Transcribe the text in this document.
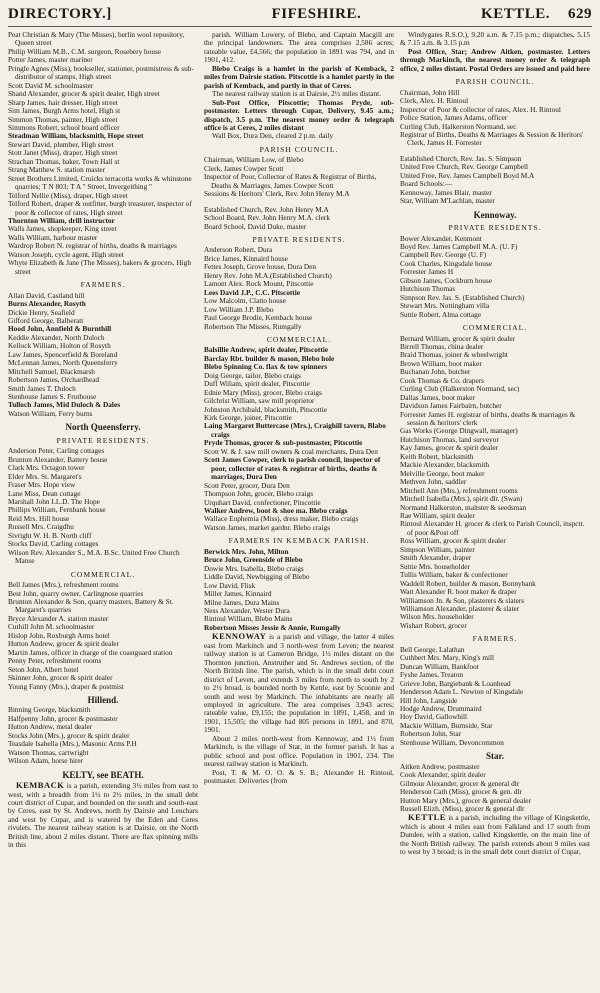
DIRECTORY.]	FIFESHIRE.	KETTLE. 629

Peat Christian & Mary (The Misses), berlin wool repository, Queen street

Philip William M.B., C.M. surgeon, Rosebery house

Potter James, master mariner

Pringle Agnes (Miss), bookseller, stationer, postmistress & sub-distributor of stamps, High street

Scott David M. schoolmaster

Shand Alexander, grocer & spirit dealer, High street

Sharp James, hair dresser, High street

Sim James, Burgh Arms hotel, High st

Simmon Thomas, painter, High street

Simmons Robert, school board officer

Steadman William, blacksmith, Hope street

Stewart David, plumber, High street

Stott Janet (Miss), draper, High street

Strachan Thomas, baker, Town Hall st

Strang Matthew S. station master

Street Brothers Limited, Cruicks terracotta works & whinstone quarries; T N 803; T A " Street, Invergeithing "

Telford Nellie (Miss), draper, High street

Telford Robert, draper & outfitter, burgh treasurer, inspector of poor & collector of rates, High street

Thornton William, drill instructor

Walls James, shopkeeper, King street

Walls William, harbour master

Wardrop Robert N. registrar of births, deaths & marriages

Watson Joseph, cycle agent, High street

Whyte Elizabeth & Jane (The Misses), bakers & grocers, High street

FARMERS.

Allan David, Castland hill

Burns Alexander, Rosyth

Dickie Henry, Seafield

Gifford George, Balberatt

Hood John, Annfield & Burnthill

Keddie Alexander, North Duloch

Kellock William, Holton of Rosyth

Law James, Spencerfield & Boreland

McLennan James, North Queensferry

Mitchell Samuel, Blackmarsh

Robertson James, Orchardhead

Smith James T. Duloch

Stenhouse James S. Fruthouse

Tulloch James, Mid Duloch & Dales

Watson William, Ferry burns

North Queensferry.
PRIVATE RESIDENTS.

Anderson Peter, Carling cottages

Brunton Alexander, Battery house

Clark Mrs. Octagon tower

Elder Mrs. St. Margaret's

Fraser Mrs. Hope view

Lane Miss, Dean cottage

Marshall John LL.D. The Hope

Phillips William, Fernbank house

Reid Mrs. Hill house

Russell Mrs. Craigdhu

Sivright W. H. B. North cliff

Stocks David, Carling cottages

Wilson Rev. Alexander S., M.A. B.Sc. United Free Church Manse

COMMERCIAL.

Bell James (Mrs.), refreshment rooms

Best John, quarry owner, Carlingnose quarries

Brunton Alexander & Son, quarry masters, Battery & St. Margaret's quarries

Bryce Alexander A. station master

Cuthill John M. schoolmaster

Hislop John, Roxburgh Arms hotel

Hutton Andrew, grocer & spirit dealer

Martin James, officer in charge of the coastguard station

Penny Peter, refreshment rooms

Seton John, Albert hotel

Skinner John, grocer & spirit dealer

Young Fanny (Mrs.), draper & postmist

Hillend.

Binning George, blacksmith

Halfpenny John, grocer & postmaster

Hutton Andrew, metal dealer

Stocks John (Mrs.), grocer & spirit dealer

Teasdale Isabella (Mrs.), Masonic Arms P.H

Watson Thomas, cartwright

Wilson Adam, horse hirer

KELTY, see BEATH.

KEMBACK is a parish, extending 3½ miles from east to west, with a breadth from 1½ to 2½ miles, in the small debt court district of Cupar, and bounded on the south and south-east by Ceres, east by St. Andrews, north by Dairsie and Leuchars and west by Cupar, and is watered by the Eden and Ceres rivulets. The nearest railway station is at Dairsie, on the North British line, about 2 miles distant. There are flax spinning mills in this

parish. William Lowery, of Blebo, and Captain Macgill are the principal landowners. The area comprises 2,586 acres; rateable value, £4,566; the population in 1891 was 794, and in 1901, 412.

Blebo Craigs is a hamlet in the parish of Kemback, 2 miles from Dairsie station. Pitscottie is a hamlet partly in the parish of Kemback, and partly in that of Ceres.

The nearest railway station is at Dairsie, 2½ miles distant.

Sub-Post Office, Pitscottie; Thomas Pryde, sub-postmaster. Letters through Cupar, Delivery, 9.45 a.m.; dispatch, 3.5 p.m. The nearest money order & telegraph office is at Ceres, 2 miles distant

Wall Box, Dura Den, cleared 2 p.m. daily

PARISH COUNCIL.

Chairman, William Low, of Blebo

Clerk, James Cowper Scott

Inspector of Poor, Collector of Rates & Registrar of Births, Deaths & Marriages, James Cowper Scott

Sessions & Heritors' Clerk, Rev. John Henry M.A

Established Church, Rev. John Henry M.A

School Board, Rev. John Henry M.A. clerk

Board School, David Duke, master

PRIVATE RESIDENTS.

Anderson Robert, Dura

Brice James, Kinnaird house

Fettes Joseph, Grove house, Dura Den

Henry Rev. John M.A.(Established Church)

Lamont Alex. Rock Mount, Pitscottie

Lees David J.P., C.C. Pitscottie

Low Malcolm, Clatto house

Low William J.P. Blebo

Paul George Brodie, Kemback house

Robertson The Misses, Rumgally

COMMERCIAL.

Balsillie Andrew, spirit dealer, Pitscottie

Barclay Rbt. builder & mason, Blebo hole

Blebo Spinning Co. flax & tow spinners

Doig George, tailor, Blebo craigs

Duff Wiliam, spirit dealer, Pitscottie

Ednie Mary (Miss), grocer, Blebo craigs

Gilchrist William, saw mill proprietor

Johnston Archibald, blacksmith, Pitscottie

Kirk George, joiner, Pitscottie

Laing Margaret Buttercase (Mrs.), Craighill tavern, Blabo craigs

Pryde Thomas, grocer & sub-postmaster, Pitscottie

Scott W. & J. saw mill owners & coal merchants, Dura Den

Scott James Cowper, clerk to parish council, inspector of poor, collector of rates & registrar of births, deaths & marriages, Dura Den

Scott Peter, grocer, Dura Den

Thompson John, grocer, Blebo craigs

Urquhart David, confectioner, Pitscottie

Walker Andrew, boot & shoe ma. Blebo craigs

Wallace Euphemia (Miss), dress maker, Blebo craigs

Watson James, market gardnr. Blebo craigs

FARMERS IN KEMBACK PARISH.

Berwick Mrs. John, Milton

Bruce John, Greenside of Blebo

Dowie Mrs. Isabella, Blebo craigs

Liddle David, Newbigging of Blebo

Low David, Flisk

Miller James, Kinnaird

Milne James, Dura Mains

Ness Alexander, Wester Dura

Rintoul William, Blebo Mains

Robertson Misses Jessie & Annie, Rumgally

KENNOWAY is a parish and village, the latter 4 miles east from Markinch and 3 north-west from Leven; the nearest railway station is at Cameron Bridge, 1½ miles distant on the Thornton junction, Anstruther and St. Andrews section, of the North British line. The parish, which is in the small debt court district of Leven, and extends 3 miles from north to south by 2 to 2½ broad, is bounded north by Kettle, east by Scoonie and south and west by Markinch. The inhabitants are nearly all employed in agriculture. The area comprises 3,943 acres; rateable value, £9,155; the population in 1891, 1,458, and in 1901, 15,505; the village had 805 persons in 1891, and 870, 1901.

About 2 miles north-west from Kennoway, and 1½ from Markinch, is the village of Star, in the former parish. It has a public school and post office. Population in 1901, 234. The nearest railway station is Markinch.

Post, T. & M. O. O. & S. B.; Alexander H. Rintoul, postmaster. Deliveries (from

Windygates R.S.O.), 9.20 a.m. & 7.15 p.m.; dispatches, 5.15 & 7.15 a.m. & 3.15 p.m

Post Office, Star; Andrew Aitken, postmaster. Letters through Markinch, the nearest money order & telegraph office, 2 miles distant. Postal Orders are issued and paid here

PARISH COUNCIL.

Chairman, John Hill

Clerk, Alex. H. Rintoul

Inspector of Poor & collector of rates, Alex. H. Rintoul

Police Station, James Adams, officer

Curling Club, Halkerston Normand, sec

Registrar of Births, Deaths & Marriages & Session & Heritors' Clerk, James H. Forrester

Established Church, Rev. Jas. S. Simpson

United Free Church, Rev. George Campbell

United Free, Rev. James Campbell Boyd M.A

Board Schools:—

Kennoway, James Blair, master

Star, William M'Lachlan, master

Kennoway.
PRIVATE RESIDENTS.

Bower Alexander, Kenmont

Boyd Rev. James Campbell M.A. (U. F)

Campbell Rev. George (U. F)

Cook Charles, Kingsdale house

Forrester James H

Gibson James, Cockburn house

Hutchison Thomas

Simpson Rev. Jas. S. (Established Church)

Stewart Mrs. Nottingham villa

Suttie Robert, Alma cottage

COMMERCIAL.

Bernard William, grocer & spirit dealer

Birrell Thomas, china dealer

Braid Thomas, joiner & wheelwright

Brown William, boot maker

Buchanan John, butcher

Cook Thomas & Co. drapers

Curling Club (Halkerston Normand, sec)

Dallas James, boot maker

Davidson James Fairbairn, butcher

Forrester James H. registrar of births, deaths & marriages & session & heritors' clerk

Gas Works (George Dingwall, manager)

Hutchison Thomas, land surveyor

Kay James, grocer & spirit dealer

Keith Robert, blacksmith

Mackie Alexander, blacksmith

Melville George, boot maker

Methven John, saddler

Mitchell Ann (Mrs.), refreshment rooms

Mitchell Isabella (Mrs.), spirit dlr. (Swan)

Normand Halkerston, maltster & seedsman

Rae William, spirit dealer

Rintoul Alexander H. grocer & clerk to Parish Council, inspctr. of poor &Post off

Ross William, grocer & spirit dealer

Simpson William, painter

Smith Alexander, draper

Suttie Mrs. householder

Tullis William, baker & confectioner

Waddell Robert, builder & mason, Bonnybank

Watt Alexander R. boot maker & draper

Williamson Jn. & Son, plasterers & slaters

Williamson Alexander, plasterer & slater

Wilson Mrs. householder

Wishart Robert, grocer

FARMERS.

Bell George, Lalathan

Cuthbert Mrs. Mary, King's mill

Duncan William, Bankfoot

Fyshe James, Treaton

Grieve John, Bargiebank & Loanhead

Henderson Adam L. Newton of Kingsdale

Hill John, Langside

Hodge Andrew, Drummaird

Hoy David, Gallowhill

Mackie William, Burnside, Star

Robertson John, Star

Stenhouse William, Devoncommon

Star.

Aitken Andrew, postmaster

Cook Alexander, spirit dealer

Gilmour Alexander, grocer & general dlr

Henderson Cath (Miss), grocer & gen. dlr

Hutton Mary (Mrs.), grocer & general dealer

Russell Elizh. (Miss), grocer & general dlr

KETTLE is a parish, including the village of Kingskettle, which is about 4 miles east from Falkland and 17 south from Dundee, with a station, called Kingskettle, on the main line of the North British railway. The parish extends about 9 miles east to west by 3 broad; is in the small debt court district of Cupar,
